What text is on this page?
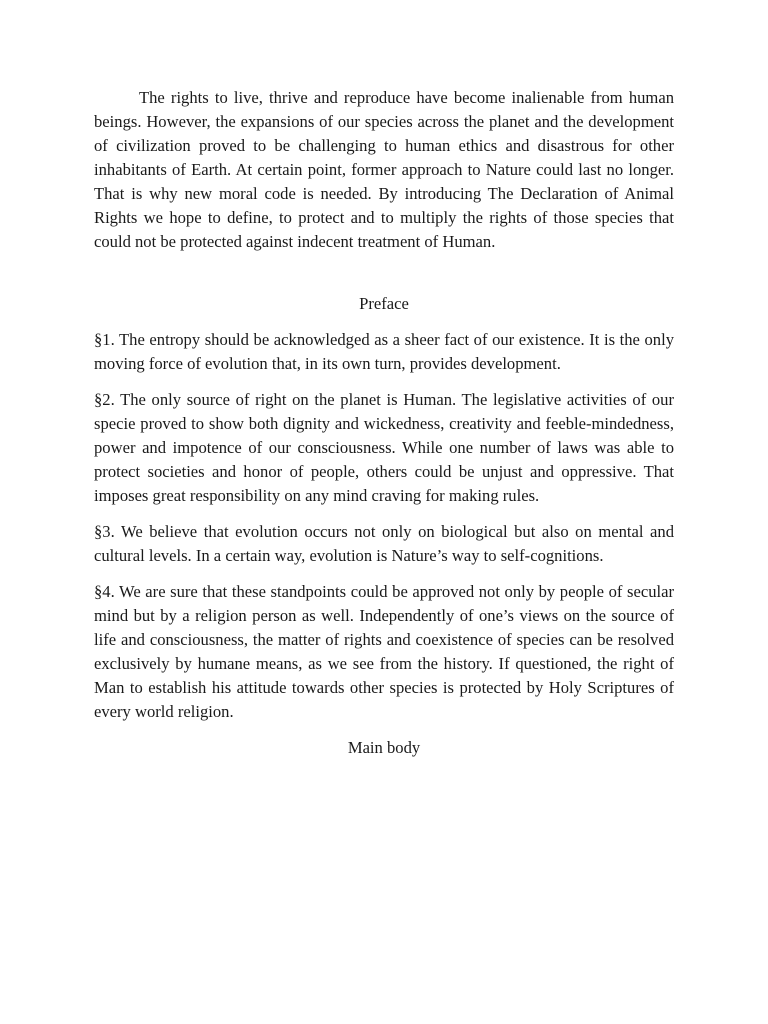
The rights to live, thrive and reproduce have become inalienable from human beings. However, the expansions of our species across the planet and the development of civilization proved to be challenging to human ethics and disastrous for other inhabitants of Earth. At certain point, former approach to Nature could last no longer. That is why new moral code is needed. By introducing The Declaration of Animal Rights we hope to define, to protect and to multiply the rights of those species that could not be protected against indecent treatment of Human.

Preface

§1. The entropy should be acknowledged as a sheer fact of our existence. It is the only moving force of evolution that, in its own turn, provides development.

§2. The only source of right on the planet is Human. The legislative activities of our specie proved to show both dignity and wickedness, creativity and feeble-mindedness, power and impotence of our consciousness. While one number of laws was able to protect societies and honor of people, others could be unjust and oppressive. That imposes great responsibility on any mind craving for making rules.

§3. We believe that evolution occurs not only on biological but also on mental and cultural levels. In a certain way, evolution is Nature’s way to self-cognitions.

§4. We are sure that these standpoints could be approved not only by people of secular mind but by a religion person as well. Independently of one’s views on the source of life and consciousness, the matter of rights and coexistence of species can be resolved exclusively by humane means, as we see from the history. If questioned, the right of Man to establish his attitude towards other species is protected by Holy Scriptures of every world religion.

Main body
